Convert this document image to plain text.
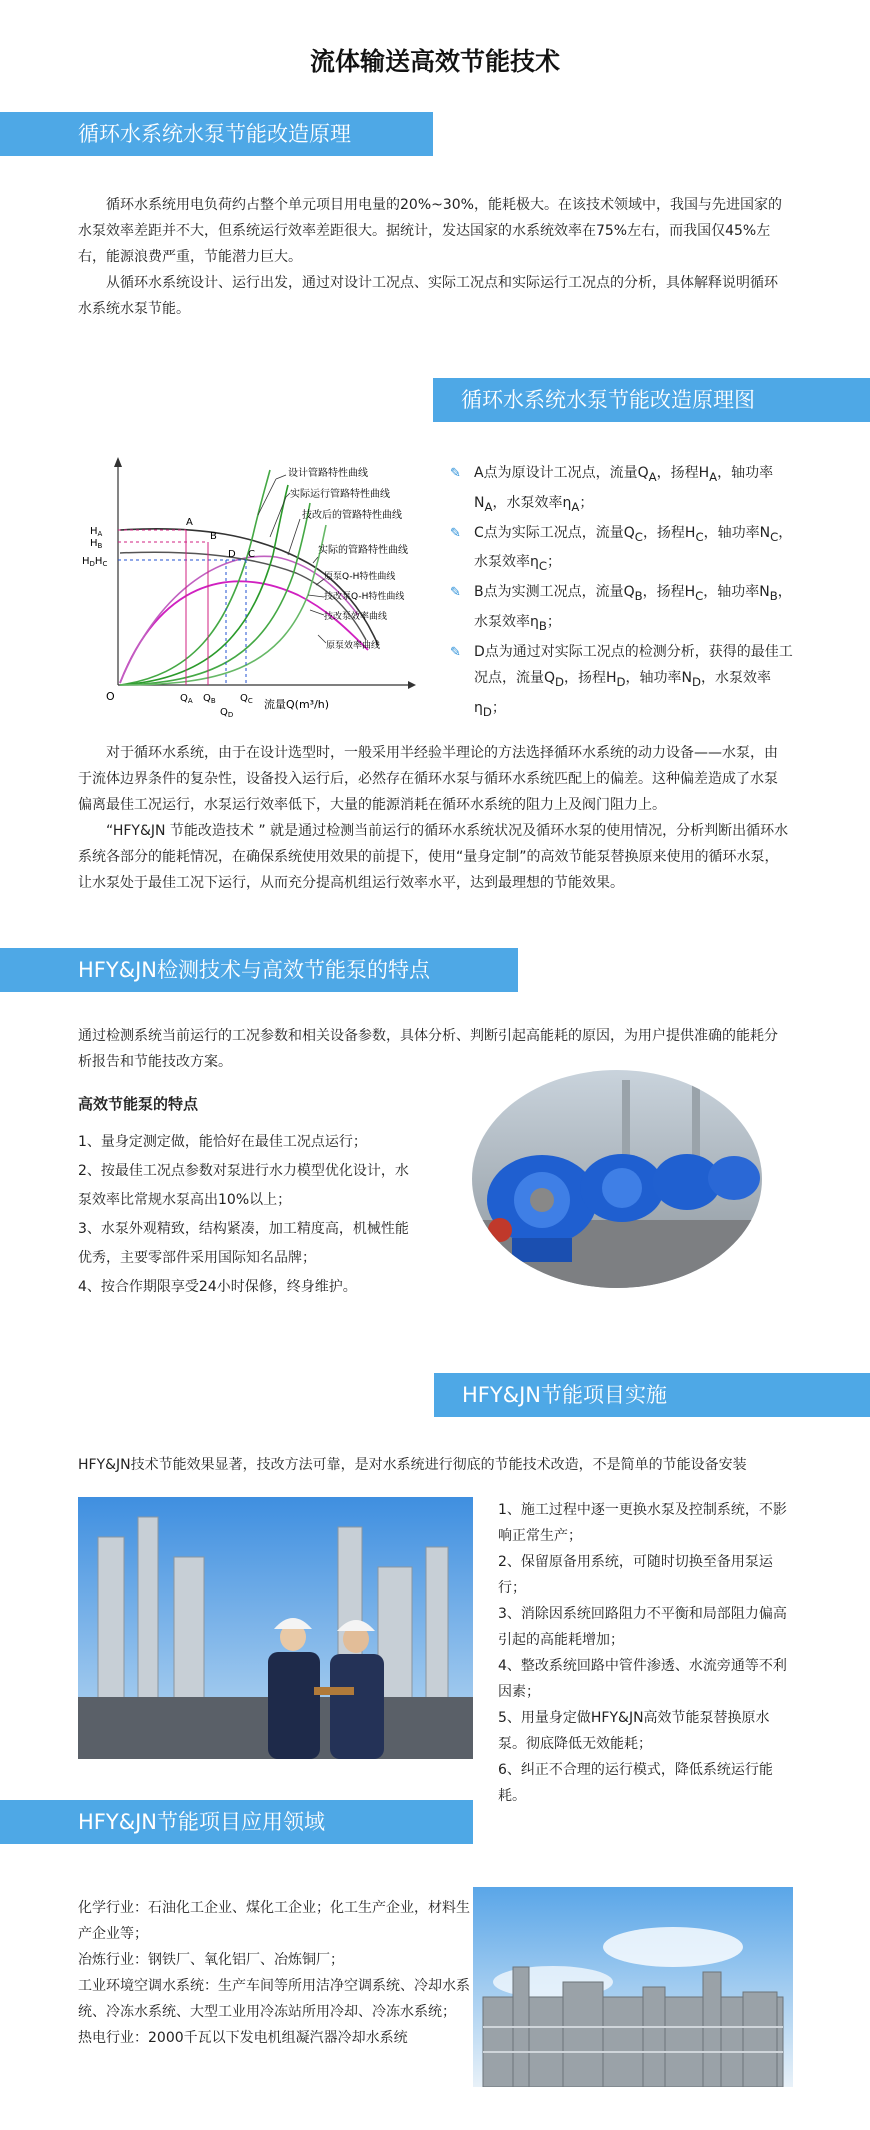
流体输送高效节能技术
循环水系统水泵节能改造原理

循环水系统用电负荷约占整个单元项目用电量的20%~30%，能耗极大。在该技术领域中，我国与先进国家的水泵效率差距并不大，但系统运行效率差距很大。据统计，发达国家的水系统效率在75%左右，而我国仅45%左右，能源浪费严重，节能潜力巨大。

从循环水系统设计、运行出发，通过对设计工况点、实际工况点和实际运行工况点的分析，具体解释说明循环水系统水泵节能。

循环水系统水泵节能改造原理图
$H_A$
$H_B$
$H_DH_C$
O	$Q_A$ $Q_B$
$Q_D$
$Q_C$ 流量Q(m³/h)
A
B
D C
设计管路特性曲线
实际运行管路特性曲线
技改后的管路特性曲线
实际的管路特性曲线
原泵Q-H特性曲线
技改泵Q-H特性曲线
技改泵效率曲线
原泵效率曲线
✎ A点为原设计工况点，流量$Q_A$，扬程$H_A$，轴功率$N_A$，水泵效率$\eta_A$；
✎ C点为实际工况点，流量$Q_C$，扬程$H_C$，轴功率$N_C$，水泵效率$\eta_C$；
✎ B点为实测工况点，流量$Q_B$，扬程$H_C$，轴功率$N_B$，水泵效率$\eta_B$；
✎ D点为通过对实际工况点的检测分析，获得的最佳工况点，流量$Q_D$，扬程$H_D$，轴功率$N_D$，水泵效率$\eta_D$；

对于循环水系统，由于在设计选型时，一般采用半经验半理论的方法选择循环水系统的动力设备——水泵，由于流体边界条件的复杂性，设备投入运行后，必然存在循环水泵与循环水系统匹配上的偏差。这种偏差造成了水泵偏离最佳工况运行，水泵运行效率低下，大量的能源消耗在循环水系统的阻力上及阀门阻力上。

“HFY&JN 节能改造技术 ” 就是通过检测当前运行的循环水系统状况及循环水泵的使用情况，分析判断出循环水系统各部分的能耗情况，在确保系统使用效果的前提下，使用“量身定制”的高效节能泵替换原来使用的循环水泵，让水泵处于最佳工况下运行，从而充分提高机组运行效率水平，达到最理想的节能效果。

HFY&JN检测技术与高效节能泵的特点
通过检测系统当前运行的工况参数和相关设备参数，具体分析、判断引起高能耗的原因，为用户提供准确的能耗分析报告和节能技改方案。
高效节能泵的特点
1、量身定测定做，能恰好在最佳工况点运行；
2、按最佳工况点参数对泵进行水力模型优化设计，水泵效率比常规水泵高出10%以上；
3、水泵外观精致，结构紧凑，加工精度高，机械性能优秀，主要零部件采用国际知名品牌；
4、按合作期限享受24小时保修，终身维护。
HFY&JN节能项目实施
HFY&JN技术节能效果显著，技改方法可靠，是对水系统进行彻底的节能技术改造，不是简单的节能设备安装
1、施工过程中逐一更换水泵及控制系统，不影响正常生产；
2、保留原备用系统，可随时切换至备用泵运行；
3、消除因系统回路阻力不平衡和局部阻力偏高引起的高能耗增加；
4、整改系统回路中管件渗透、水流旁通等不利因素；
5、用量身定做HFY&JN高效节能泵替换原水泵。彻底降低无效能耗；
6、纠正不合理的运行模式，降低系统运行能耗。
HFY&JN节能项目应用领域
化学行业：石油化工企业、煤化工企业；化工生产企业，材料生产企业等；
冶炼行业：钢铁厂、氧化铝厂、冶炼铜厂；
工业环境空调水系统：生产车间等所用洁净空调系统、冷却水系统、冷冻水系统、大型工业用冷冻站所用冷却、冷冻水系统；
热电行业：2000千瓦以下发电机组凝汽器冷却水系统
